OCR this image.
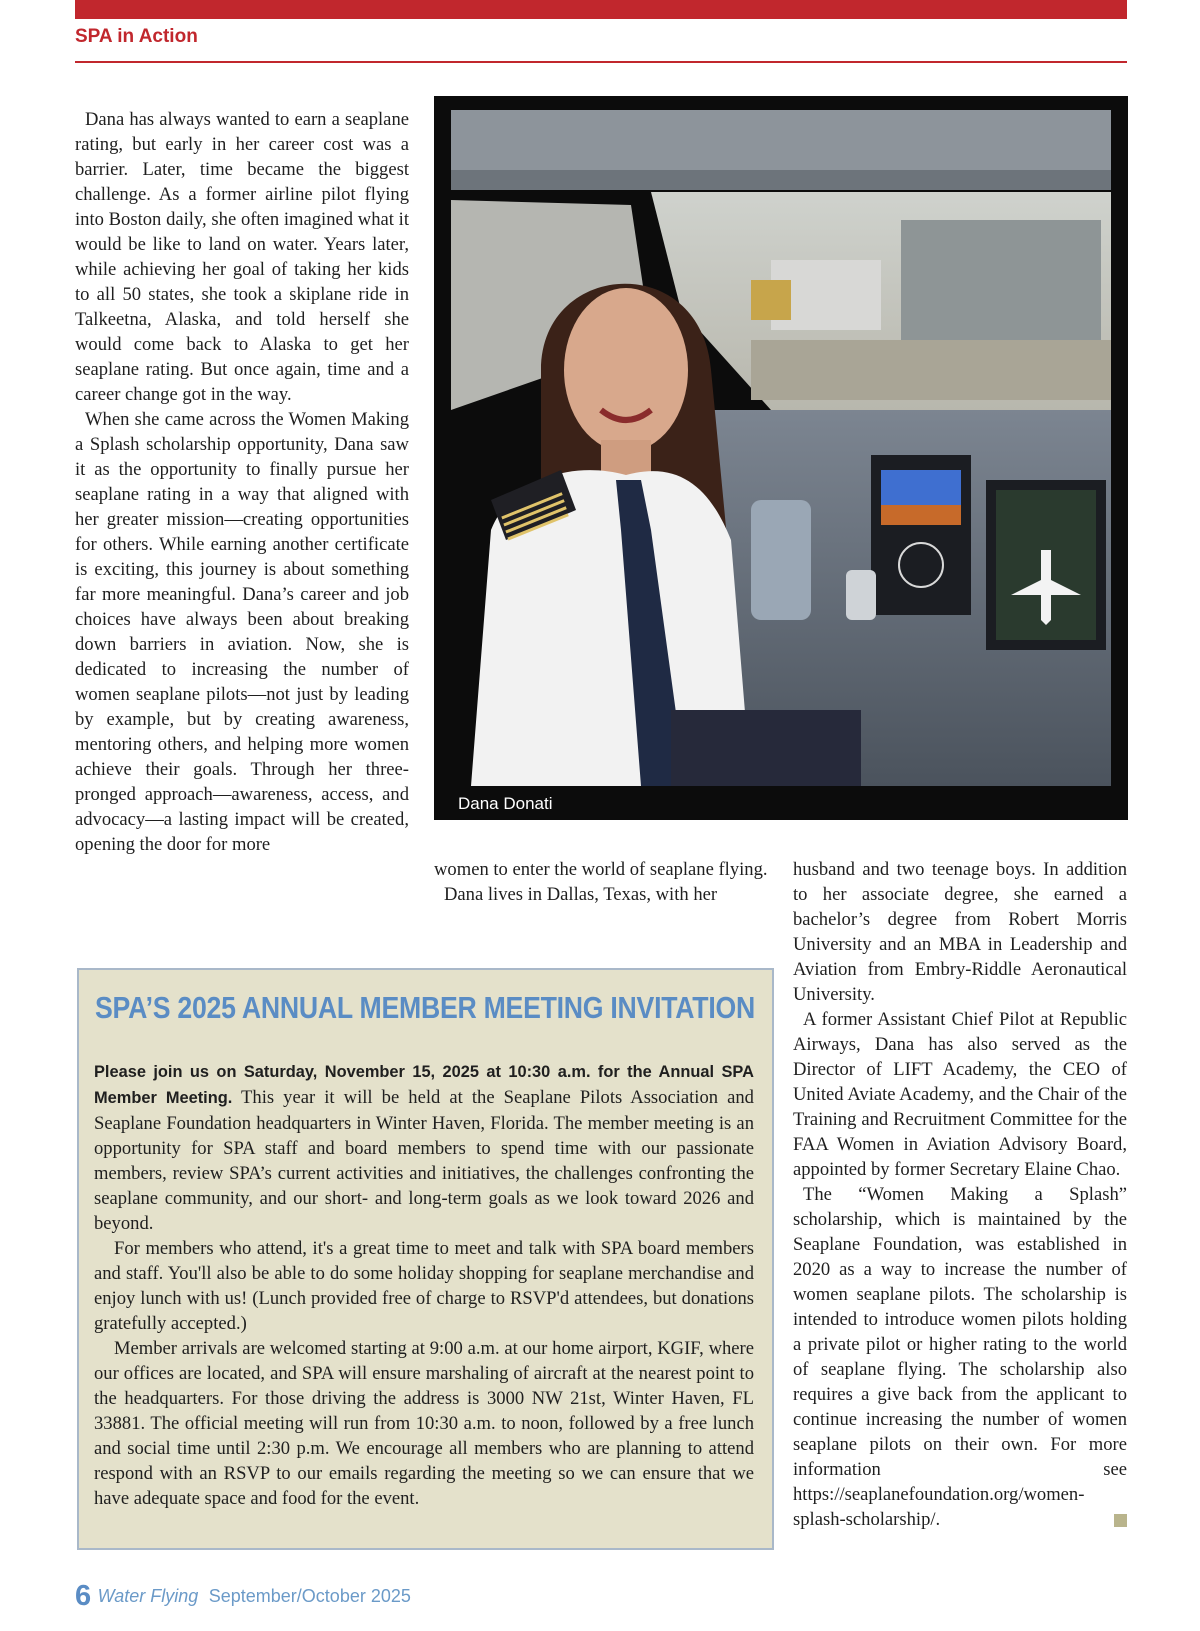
SPA in Action

Dana has always wanted to earn a seaplane rating, but early in her career cost was a barrier. Later, time became the biggest challenge. As a former airline pilot flying into Boston daily, she often imagined what it would be like to land on water. Years later, while achieving her goal of taking her kids to all 50 states, she took a skiplane ride in Talkeetna, Alaska, and told herself she would come back to Alaska to get her seaplane rating. But once again, time and a career change got in the way.

When she came across the Women Making a Splash scholarship opportunity, Dana saw it as the opportunity to finally pursue her seaplane rating in a way that aligned with her greater mission—creating opportunities for others. While earning another certificate is exciting, this journey is about something far more meaningful. Dana’s career and job choices have always been about breaking down barriers in aviation. Now, she is dedicated to increasing the number of women seaplane pilots—not just by leading by example, but by creating awareness, mentoring others, and helping more women achieve their goals. Through her three-pronged approach—awareness, access, and advocacy—a lasting impact will be created, opening the door for more

Dana Donati

women to enter the world of seaplane flying.

Dana lives in Dallas, Texas, with her

husband and two teenage boys. In addition to her associate degree, she earned a bachelor’s degree from Robert Morris University and an MBA in Leadership and Aviation from Embry-Riddle Aeronautical University.

A former Assistant Chief Pilot at Republic Airways, Dana has also served as the Director of LIFT Academy, the CEO of United Aviate Academy, and the Chair of the Training and Recruitment Committee for the FAA Women in Aviation Advisory Board, appointed by former Secretary Elaine Chao.

The “Women Making a Splash” scholarship, which is maintained by the Seaplane Foundation, was established in 2020 as a way to increase the number of women seaplane pilots. The scholarship is intended to introduce women pilots holding a private pilot or higher rating to the world of seaplane flying. The scholarship also requires a give back from the applicant to continue increasing the number of women seaplane pilots on their own. For more information see https://seaplanefoundation.org/women-splash-scholarship/.

SPA’S 2025 ANNUAL MEMBER MEETING INVITATION

Please join us on Saturday, November 15, 2025 at 10:30 a.m. for the Annual SPA Member Meeting. This year it will be held at the Seaplane Pilots Association and Seaplane Foundation headquarters in Winter Haven, Florida. The member meeting is an opportunity for SPA staff and board members to spend time with our passionate members, review SPA’s current activities and initiatives, the challenges confronting the seaplane community, and our short- and long-term goals as we look toward 2026 and beyond.

For members who attend, it's a great time to meet and talk with SPA board members and staff. You'll also be able to do some holiday shopping for seaplane merchandise and enjoy lunch with us! (Lunch provided free of charge to RSVP'd attendees, but donations gratefully accepted.)

Member arrivals are welcomed starting at 9:00 a.m. at our home airport, KGIF, where our offices are located, and SPA will ensure marshaling of aircraft at the nearest point to the headquarters. For those driving the address is 3000 NW 21st, Winter Haven, FL 33881. The official meeting will run from 10:30 a.m. to noon, followed by a free lunch and social time until 2:30 p.m. We encourage all members who are planning to attend respond with an RSVP to our emails regarding the meeting so we can ensure that we have adequate space and food for the event.

6 Water Flying September/October 2025
